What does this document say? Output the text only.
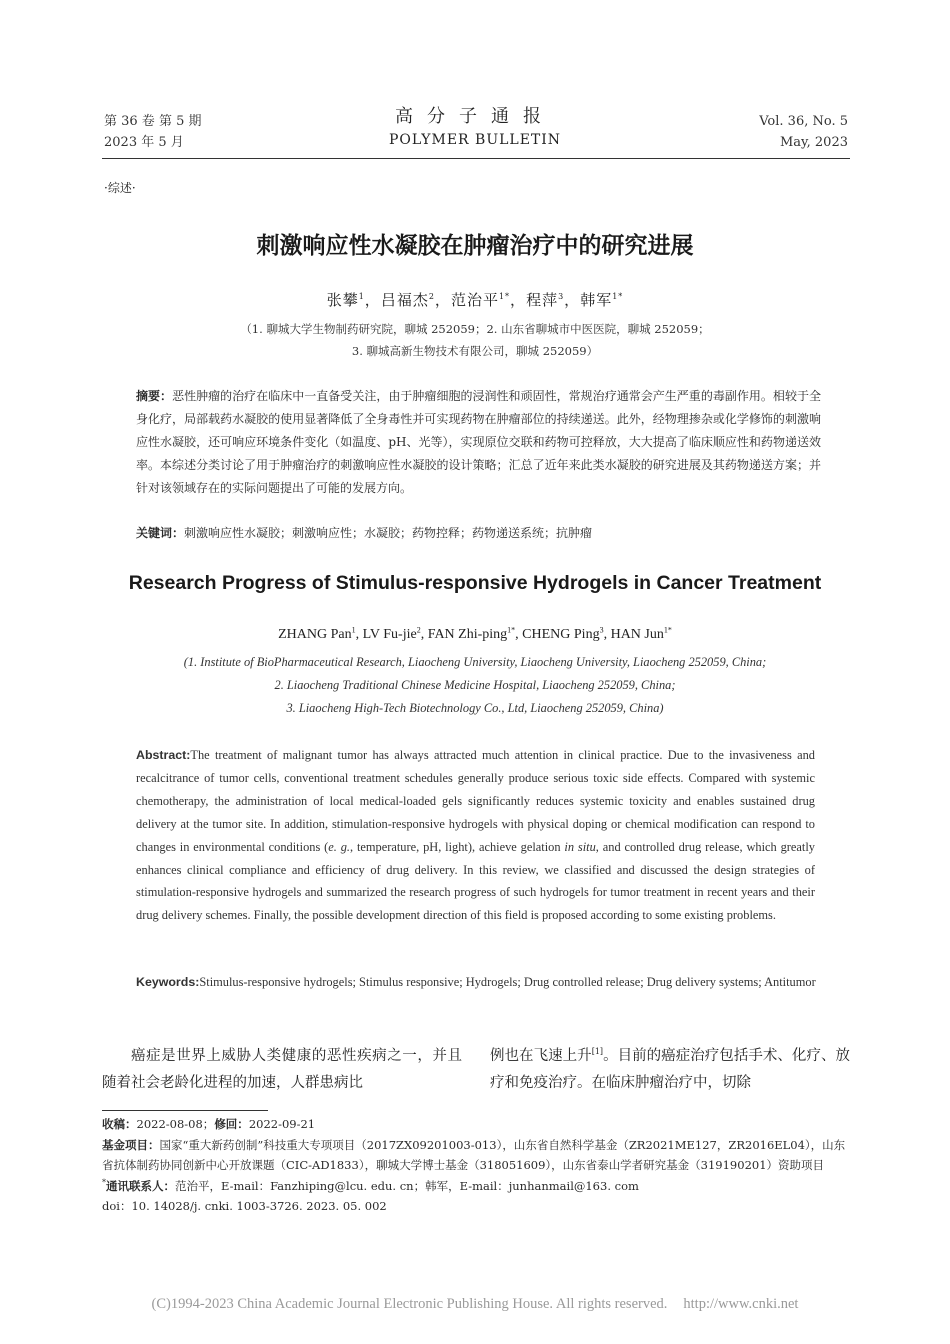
第 36 卷 第 5 期
2023 年 5 月
高分子通报
POLYMER BULLETIN
Vol. 36, No. 5
May, 2023
·综述·
刺激响应性水凝胶在肿瘤治疗中的研究进展
张攀$^1$，吕福杰$^2$，范治平$^{1*}$，程萍$^3$，韩军$^{1*}$
（1. 聊城大学生物制药研究院，聊城 252059；2. 山东省聊城市中医医院，聊城 252059；
3. 聊城高新生物技术有限公司，聊城 252059）
摘要：恶性肿瘤的治疗在临床中一直备受关注，由于肿瘤细胞的浸润性和顽固性，常规治疗通常会产生严重的毒副作用。相较于全身化疗，局部载药水凝胶的使用显著降低了全身毒性并可实现药物在肿瘤部位的持续递送。此外，经物理掺杂或化学修饰的刺激响应性水凝胶，还可响应环境条件变化（如温度、pH、光等），实现原位交联和药物可控释放，大大提高了临床顺应性和药物递送效率。本综述分类讨论了用于肿瘤治疗的刺激响应性水凝胶的设计策略；汇总了近年来此类水凝胶的研究进展及其药物递送方案；并针对该领域存在的实际问题提出了可能的发展方向。
关键词：刺激响应性水凝胶；刺激响应性；水凝胶；药物控释；药物递送系统；抗肿瘤
Research Progress of Stimulus-responsive Hydrogels in Cancer Treatment
ZHANG Pan$^1$, LV Fu-jie$^2$, FAN Zhi-ping$^{1*}$, CHENG Ping$^3$, HAN Jun$^{1*}$
(1. Institute of BioPharmaceutical Research, Liaocheng University, Liaocheng University, Liaocheng 252059, China;
2. Liaocheng Traditional Chinese Medicine Hospital, Liaocheng 252059, China;
3. Liaocheng High-Tech Biotechnology Co., Ltd, Liaocheng 252059, China)
Abstract:The treatment of malignant tumor has always attracted much attention in clinical practice. Due to the invasiveness and recalcitrance of tumor cells, conventional treatment schedules generally produce serious toxic side effects. Compared with systemic chemotherapy, the administration of local medical-loaded gels significantly reduces systemic toxicity and enables sustained drug delivery at the tumor site. In addition, stimulation-responsive hydrogels with physical doping or chemical modification can respond to changes in environmental conditions (e. g., temperature, pH, light), achieve gelation in situ, and controlled drug release, which greatly enhances clinical compliance and efficiency of drug delivery. In this review, we classified and discussed the design strategies of stimulation-responsive hydrogels and summarized the research progress of such hydrogels for tumor treatment in recent years and their drug delivery schemes. Finally, the possible development direction of this field is proposed according to some existing problems.
Keywords:Stimulus-responsive hydrogels; Stimulus responsive; Hydrogels; Drug controlled release; Drug delivery systems; Antitumor

癌症是世界上威胁人类健康的恶性疾病之一，并且随着社会老龄化进程的加速，人群患病比

例也在飞速上升[1]。目前的癌症治疗包括手术、化疗、放疗和免疫治疗。在临床肿瘤治疗中，切除

收稿：2022-08-08；修回：2022-09-21
基金项目：国家“重大新药创制”科技重大专项项目（2017ZX09201003-013），山东省自然科学基金（ZR2021ME127，ZR2016EL04），山东省抗体制药协同创新中心开放课题（CIC-AD1833），聊城大学博士基金（318051609），山东省泰山学者研究基金（319190201）资助项目
*通讯联系人：范治平，E-mail：Fanzhiping@lcu. edu. cn；韩军，E-mail：junhanmail@163. com
doi：10. 14028/j. cnki. 1003-3726. 2023. 05. 002
(C)1994-2023 China Academic Journal Electronic Publishing House. All rights reserved. http://www.cnki.net
